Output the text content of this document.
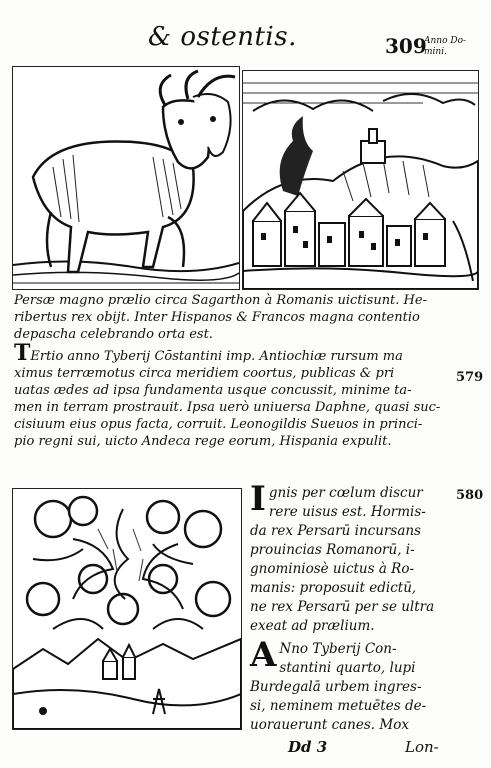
& ostentis.	309
Anno Do-mini.

Persæ magno prælio circa Sagarthon à Romanis uictisunt. He-

ribertus rex obijt. Inter Hispanos & Francos magna contentio

depascha celebrando orta est.

TErtio anno Tyberij Cōstantini imp. Antiochiæ rursum ma

ximus terræmotus circa meridiem coortus, publicas & pri

uatas ædes ad ipsa fundamenta usque concussit, minime ta-

men in terram prostrauit. Ipsa uerò uniuersa Daphne, quasi suc-

cisiuum eius opus facta, corruit. Leonogildis Sueuos in princi-

pio regni sui, uicto Andeca rege eorum, Hispania expulit.

579

Ignis per cœlum discur

rere uisus est. Hormis-

da rex Persarū incursans

prouincias Romanorū, i-

gnominiosè uictus à Ro-

manis: proposuit edictū,

ne rex Persarū per se ultra

exeat ad prælium.

580

A Nno Tyberij Con-

stantini quarto, lupi

Burdegalā urbem ingres-

si, neminem metuētes de-

uorauerunt canes. Mox

Dd 3	Lon-
